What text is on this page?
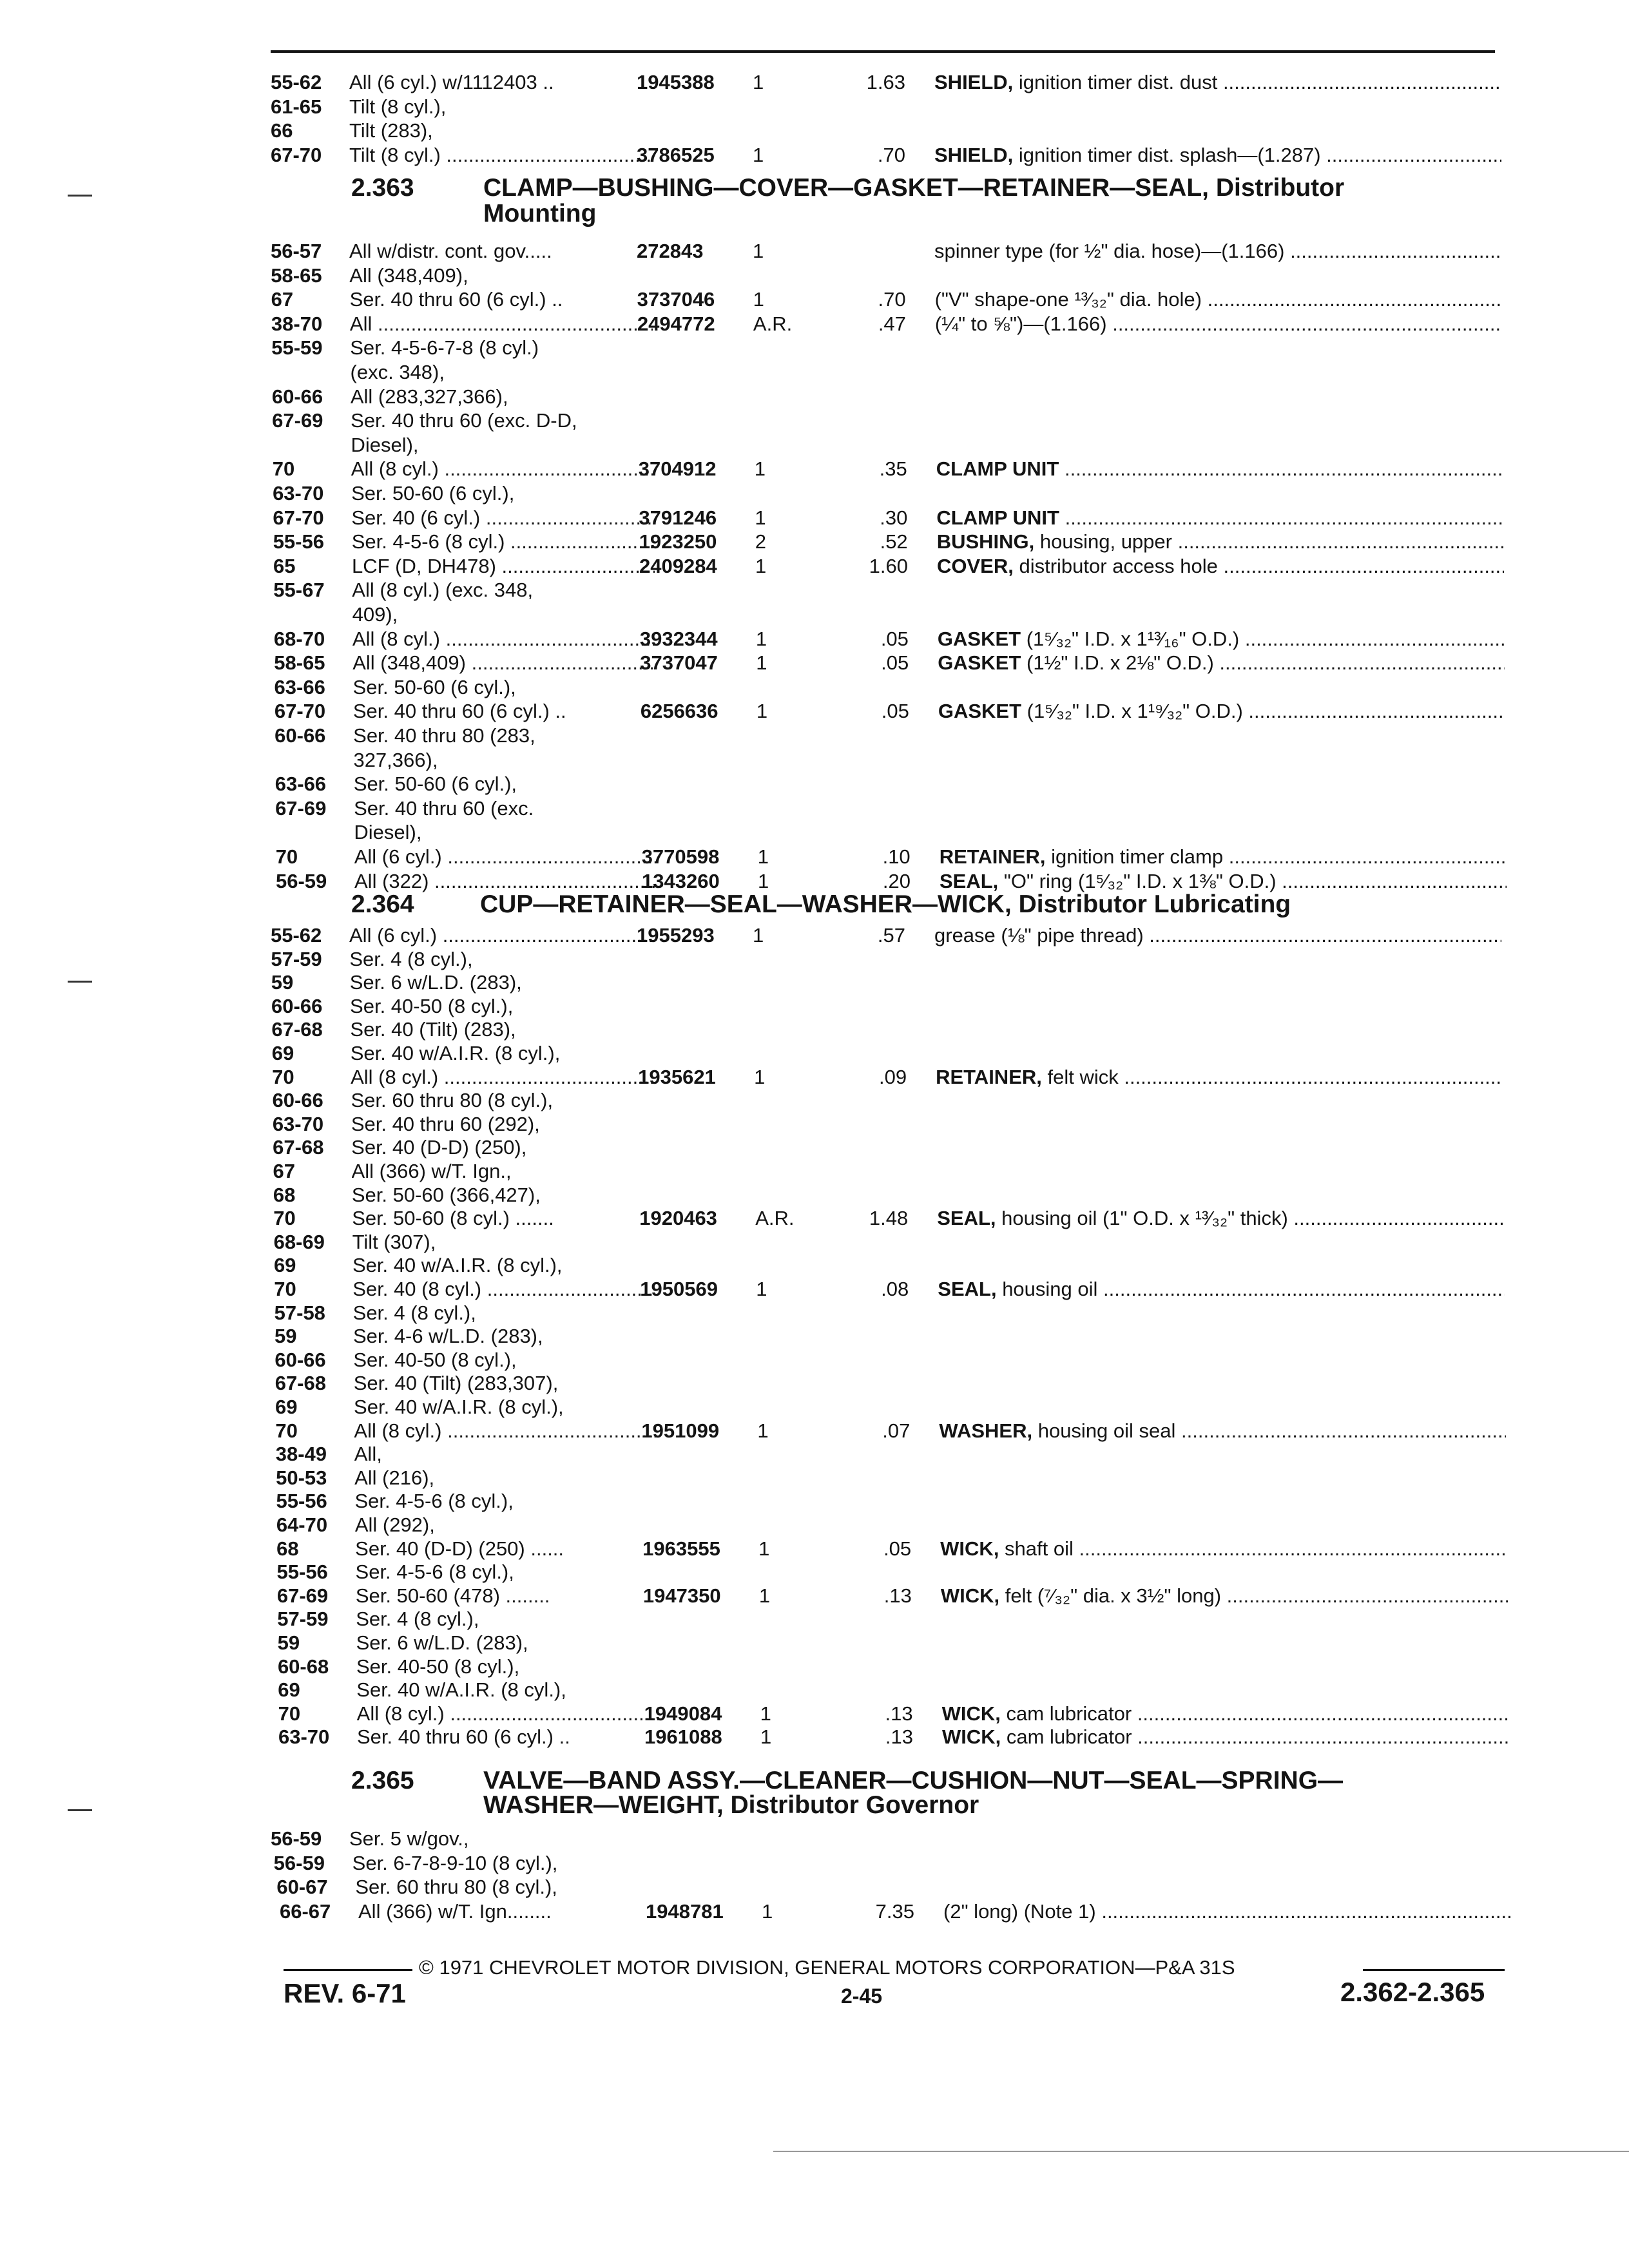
55-62 All (6 cyl.) w/1112403 ..	1945388 1	1.63 SHIELD, ignition timer dist. dust .....
61-65 Tilt (8 cyl.),
66	Tilt (283),
67-70 Tilt (8 cyl.) .....	3786525 1	.70 SHIELD, ignition timer dist. splash—(1.287) .....
2.363	CLAMP—BUSHING—COVER—GASKET—RETAINER—SEAL, Distributor
Mounting
56-57 All w/distr. cont. gov.....	272843 1	spinner type (for ½" dia. hose)—(1.166) .....
58-65 All (348,409),
67	Ser. 40 thru 60 (6 cyl.) ..	3737046 1	.70 ("V" shape-one ¹³⁄₃₂" dia. hole) .....
38-70 All .....	2494772 A.R.	.47 (¼" to ⅝")—(1.166) .....
55-59 Ser. 4-5-6-7-8 (8 cyl.)
(exc. 348),
60-66 All (283,327,366),
67-69 Ser. 40 thru 60 (exc. D-D,
Diesel),
70	All (8 cyl.) .....	3704912 1	.35 CLAMP UNIT .....
63-70 Ser. 50-60 (6 cyl.),
67-70 Ser. 40 (6 cyl.) .....	3791246 1	.30 CLAMP UNIT .....
55-56 Ser. 4-5-6 (8 cyl.) .....	1923250 2	.52 BUSHING, housing, upper .....
65	LCF (D, DH478) .....	2409284 1	1.60 COVER, distributor access hole .....
55-67 All (8 cyl.) (exc. 348,
409),
68-70 All (8 cyl.) .....	3932344 1	.05 GASKET (1⁵⁄₃₂" I.D. x 1¹³⁄₁₆" O.D.) .....
58-65 All (348,409) .....	3737047 1	.05 GASKET (1½" I.D. x 2⅛" O.D.) .....
63-66 Ser. 50-60 (6 cyl.),
67-70 Ser. 40 thru 60 (6 cyl.) ..	6256636 1	.05 GASKET (1⁵⁄₃₂" I.D. x 1¹⁹⁄₃₂" O.D.) .....
60-66 Ser. 40 thru 80 (283,
327,366),
63-66 Ser. 50-60 (6 cyl.),
67-69 Ser. 40 thru 60 (exc.
Diesel),
70	All (6 cyl.) .....	3770598 1	.10 RETAINER, ignition timer clamp .....
56-59 All (322) .....	1343260 1	.20 SEAL, "O" ring (1⁵⁄₃₂" I.D. x 1⅜" O.D.) .....
2.364	CUP—RETAINER—SEAL—WASHER—WICK, Distributor Lubricating
55-62 All (6 cyl.) .....	1955293 1	.57 grease (⅛" pipe thread) .....
57-59 Ser. 4 (8 cyl.),
59	Ser. 6 w/L.D. (283),
60-66 Ser. 40-50 (8 cyl.),
67-68 Ser. 40 (Tilt) (283),
69	Ser. 40 w/A.I.R. (8 cyl.),
70	All (8 cyl.) .....	1935621 1	.09 RETAINER, felt wick .....
60-66 Ser. 60 thru 80 (8 cyl.),
63-70 Ser. 40 thru 60 (292),
67-68 Ser. 40 (D-D) (250),
67	All (366) w/T. Ign.,
68	Ser. 50-60 (366,427),
70	Ser. 50-60 (8 cyl.) .......	1920463 A.R.	1.48 SEAL, housing oil (1" O.D. x ¹³⁄₃₂" thick) .....
68-69 Tilt (307),
69	Ser. 40 w/A.I.R. (8 cyl.),
70	Ser. 40 (8 cyl.) .....	1950569 1	.08 SEAL, housing oil .....
57-58 Ser. 4 (8 cyl.),
59	Ser. 4-6 w/L.D. (283),
60-66 Ser. 40-50 (8 cyl.),
67-68 Ser. 40 (Tilt) (283,307),
69	Ser. 40 w/A.I.R. (8 cyl.),
70	All (8 cyl.) .....	1951099 1	.07 WASHER, housing oil seal .....
38-49 All,
50-53 All (216),
55-56 Ser. 4-5-6 (8 cyl.),
64-70 All (292),
68	Ser. 40 (D-D) (250) ......	1963555 1	.05 WICK, shaft oil .....
55-56 Ser. 4-5-6 (8 cyl.),
67-69 Ser. 50-60 (478) ........	1947350 1	.13 WICK, felt (⁷⁄₃₂" dia. x 3½" long) .....
57-59 Ser. 4 (8 cyl.),
59	Ser. 6 w/L.D. (283),
60-68 Ser. 40-50 (8 cyl.),
69	Ser. 40 w/A.I.R. (8 cyl.),
70	All (8 cyl.) .....	1949084 1	.13 WICK, cam lubricator .....
63-70 Ser. 40 thru 60 (6 cyl.) ..	1961088 1	.13 WICK, cam lubricator .....
2.365	VALVE—BAND ASSY.—CLEANER—CUSHION—NUT—SEAL—SPRING—
WASHER—WEIGHT, Distributor Governor
56-59 Ser. 5 w/gov.,
56-59 Ser. 6-7-8-9-10 (8 cyl.),
60-67 Ser. 60 thru 80 (8 cyl.),
66-67 All (366) w/T. Ign........	1948781 1	7.35 (2" long) (Note 1) .....
© 1971 CHEVROLET MOTOR DIVISION, GENERAL MOTORS CORPORATION—P&A 31S
REV. 6-71	2-45	2.362-2.365
